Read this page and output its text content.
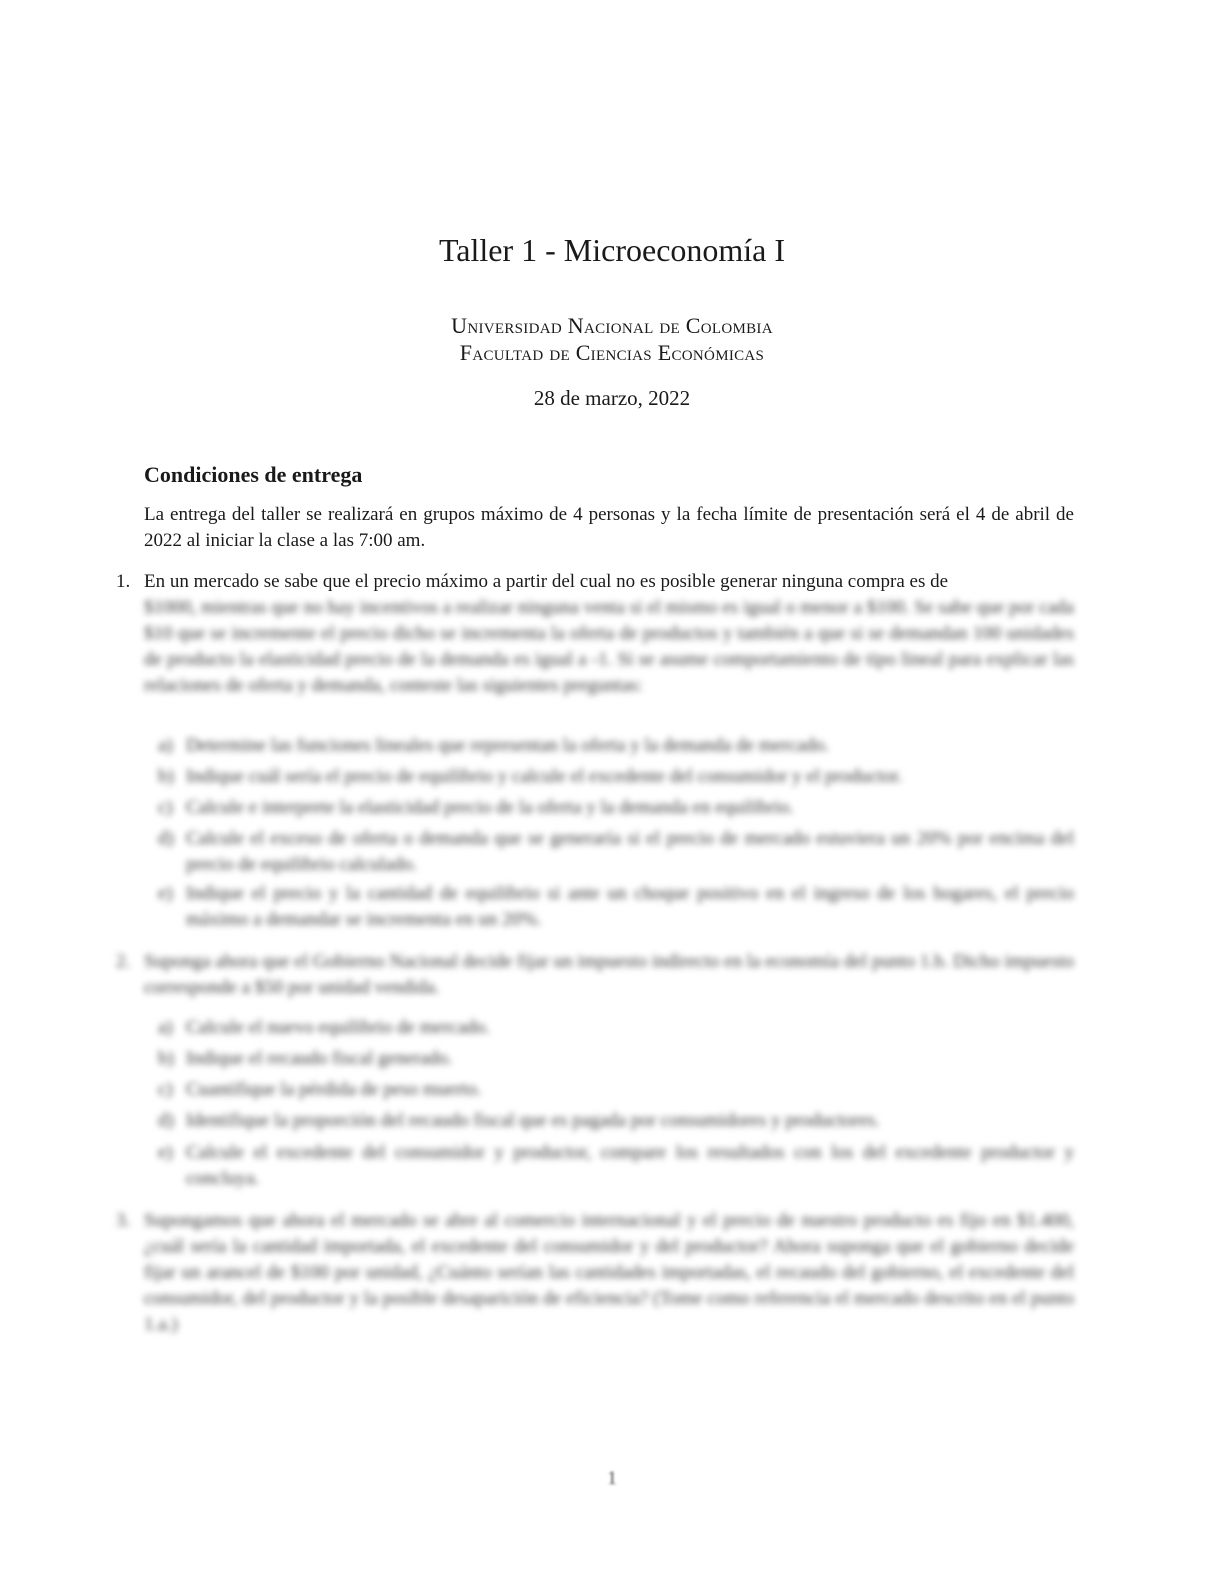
Taller 1 - Microeconomía I
Universidad Nacional de Colombia
Facultad de Ciencias Económicas
28 de marzo, 2022
Condiciones de entrega
La entrega del taller se realizará en grupos máximo de 4 personas y la fecha límite de presentación será el 4 de abril de 2022 al iniciar la clase a las 7:00 am.
1. En un mercado se sabe que el precio máximo a partir del cual no es posible generar ninguna compra es de
$1000, mientras que no hay incentivos a realizar ninguna venta si el mismo es igual o menor a $100. Se sabe que por cada $10 que se incremente el precio dicho se incrementa la oferta de productos y también a que si se demandan 100 unidades de producto la elasticidad precio de la demanda es igual a -1. Si se asume comportamiento de tipo lineal para explicar las relaciones de oferta y demanda, conteste las siguientes preguntas:
a) Determine las funciones lineales que representan la oferta y la demanda de mercado.
b) Indique cuál sería el precio de equilibrio y calcule el excedente del consumidor y el productor.
c) Calcule e interprete la elasticidad precio de la oferta y la demanda en equilibrio.
d) Calcule el exceso de oferta o demanda que se generaría si el precio de mercado estuviera un 20% por encima del precio de equilibrio calculado.
e) Indique el precio y la cantidad de equilibrio si ante un choque positivo en el ingreso de los hogares, el precio máximo a demandar se incrementa en un 20%.
2. Suponga ahora que el Gobierno Nacional decide fijar un impuesto indirecto en la economía del punto 1.b. Dicho impuesto corresponde a $50 por unidad vendida.
a) Calcule el nuevo equilibrio de mercado.
b) Indique el recaudo fiscal generado.
c) Cuantifique la pérdida de peso muerto.
d) Identifique la proporción del recaudo fiscal que es pagada por consumidores y productores.
e) Calcule el excedente del consumidor y productor, compare los resultados con los del excedente productor y concluya.
3. Supongamos que ahora el mercado se abre al comercio internacional y el precio de nuestro producto es fijo en $1.400, ¿cuál sería la cantidad importada, el excedente del consumidor y del productor? Ahora suponga que el gobierno decide fijar un arancel de $100 por unidad, ¿Cuánto serían las cantidades importadas, el recaudo del gobierno, el excedente del consumidor, del productor y la posible desaparición de eficiencia? (Tome como referencia el mercado descrito en el punto 1.a.)
1
